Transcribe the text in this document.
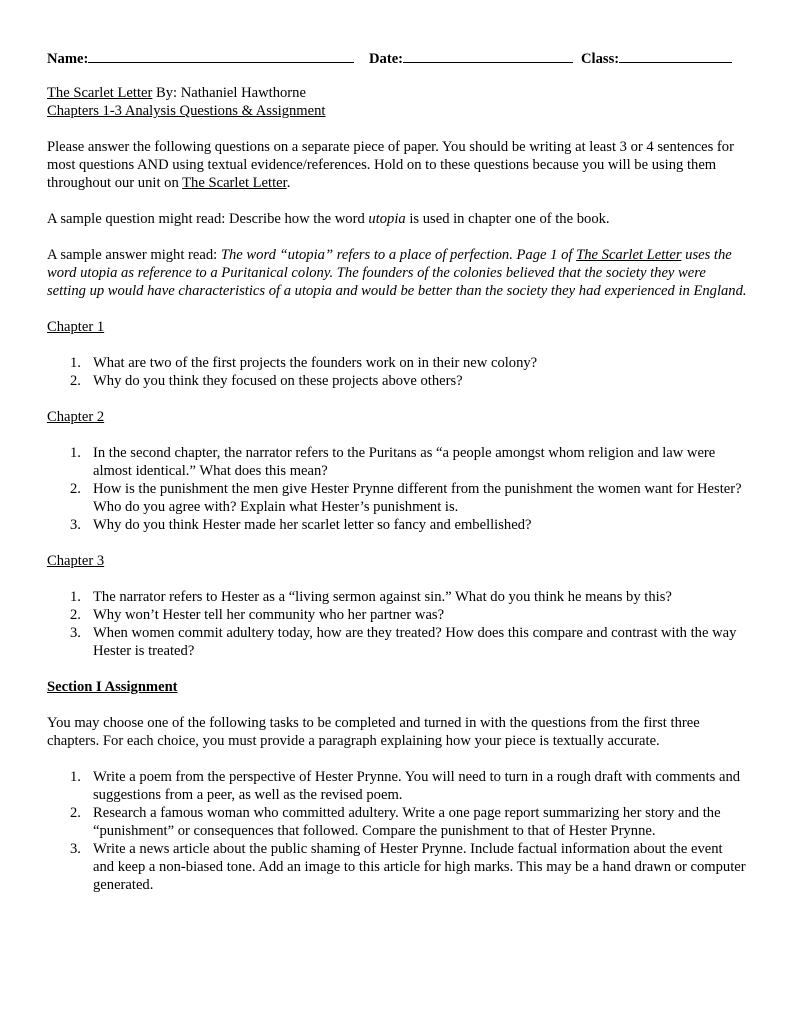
Name:	Date:	Class:

The Scarlet Letter By: Nathaniel Hawthorne

Chapters 1-3 Analysis Questions & Assignment

Please answer the following questions on a separate piece of paper. You should be writing at least 3 or 4 sentences for most questions AND using textual evidence/references. Hold on to these questions because you will be using them throughout our unit on The Scarlet Letter.

A sample question might read: Describe how the word utopia is used in chapter one of the book.

A sample answer might read: The word “utopia” refers to a place of perfection. Page 1 of The Scarlet Letter uses the word utopia as reference to a Puritanical colony. The founders of the colonies believed that the society they were setting up would have characteristics of a utopia and would be better than the society they had experienced in England.

Chapter 1

1. What are two of the first projects the founders work on in their new colony?
2. Why do you think they focused on these projects above others?

Chapter 2

1. In the second chapter, the narrator refers to the Puritans as “a people amongst whom religion and law were almost identical.” What does this mean?
2. How is the punishment the men give Hester Prynne different from the punishment the women want for Hester? Who do you agree with? Explain what Hester’s punishment is.
3. Why do you think Hester made her scarlet letter so fancy and embellished?

Chapter 3

1. The narrator refers to Hester as a “living sermon against sin.” What do you think he means by this?
2. Why won’t Hester tell her community who her partner was?
3. When women commit adultery today, how are they treated? How does this compare and contrast with the way Hester is treated?

Section I Assignment

You may choose one of the following tasks to be completed and turned in with the questions from the first three chapters. For each choice, you must provide a paragraph explaining how your piece is textually accurate.

1. Write a poem from the perspective of Hester Prynne. You will need to turn in a rough draft with comments and suggestions from a peer, as well as the revised poem.
2. Research a famous woman who committed adultery. Write a one page report summarizing her story and the “punishment” or consequences that followed. Compare the punishment to that of Hester Prynne.
3. Write a news article about the public shaming of Hester Prynne. Include factual information about the event and keep a non-biased tone. Add an image to this article for high marks. This may be a hand drawn or computer generated.
